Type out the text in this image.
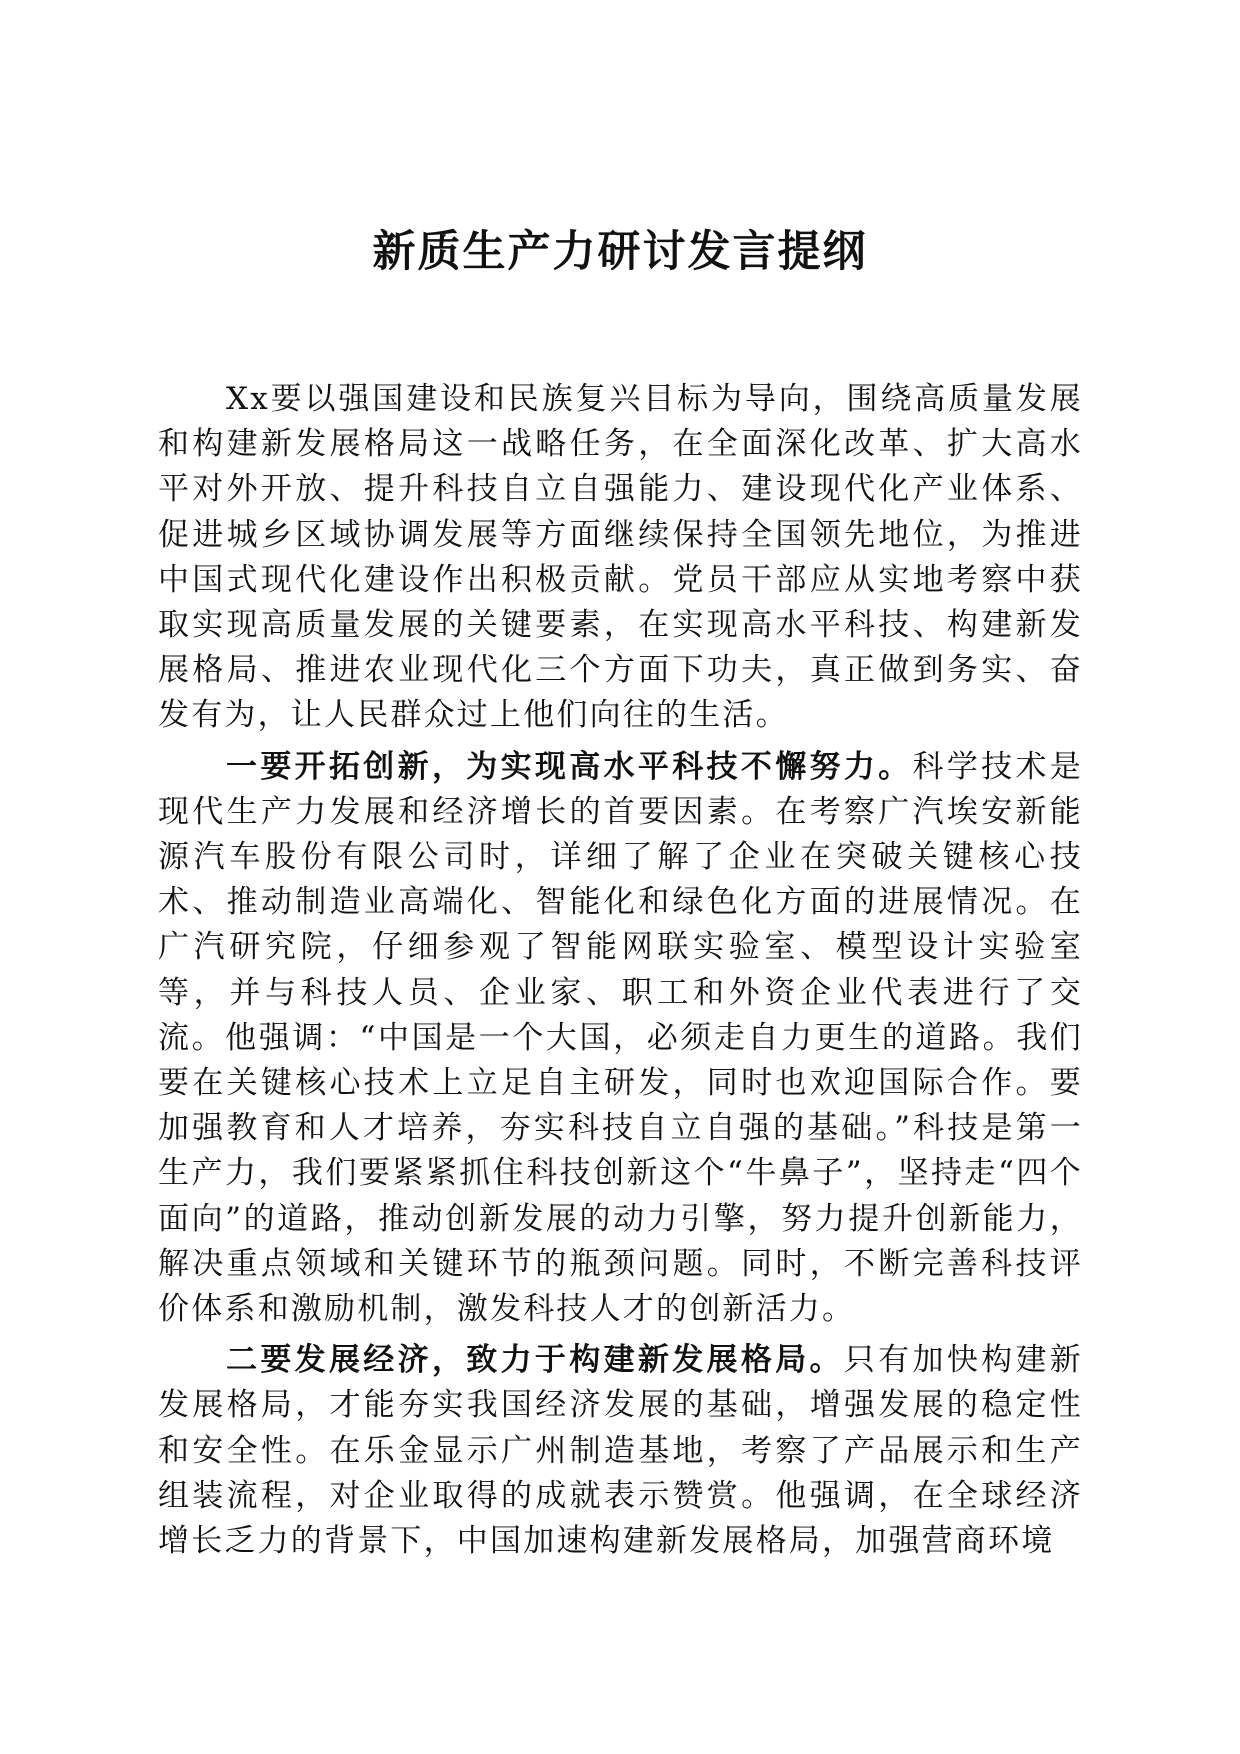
新质生产力研讨发言提纲

Xx要以强国建设和民族复兴目标为导向，围绕高质量发展和构建新发展格局这一战略任务，在全面深化改革、扩大高水平对外开放、提升科技自立自强能力、建设现代化产业体系、促进城乡区域协调发展等方面继续保持全国领先地位，为推进中国式现代化建设作出积极贡献。党员干部应从实地考察中获取实现高质量发展的关键要素，在实现高水平科技、构建新发展格局、推进农业现代化三个方面下功夫，真正做到务实、奋发有为，让人民群众过上他们向往的生活。

一要开拓创新，为实现高水平科技不懈努力。科学技术是现代生产力发展和经济增长的首要因素。在考察广汽埃安新能源汽车股份有限公司时，详细了解了企业在突破关键核心技术、推动制造业高端化、智能化和绿色化方面的进展情况。在广汽研究院，仔细参观了智能网联实验室、模型设计实验室等，并与科技人员、企业家、职工和外资企业代表进行了交流。他强调：“中国是一个大国，必须走自力更生的道路。我们要在关键核心技术上立足自主研发，同时也欢迎国际合作。要加强教育和人才培养，夯实科技自立自强的基础。”科技是第一生产力，我们要紧紧抓住科技创新这个“牛鼻子”，坚持走“四个面向”的道路，推动创新发展的动力引擎，努力提升创新能力，解决重点领域和关键环节的瓶颈问题。同时，不断完善科技评价体系和激励机制，激发科技人才的创新活力。

二要发展经济，致力于构建新发展格局。只有加快构建新发展格局，才能夯实我国经济发展的基础，增强发展的稳定性和安全性。在乐金显示广州制造基地，考察了产品展示和生产组装流程，对企业取得的成就表示赞赏。他强调，在全球经济增长乏力的背景下，中国加速构建新发展格局，加强营商环境
